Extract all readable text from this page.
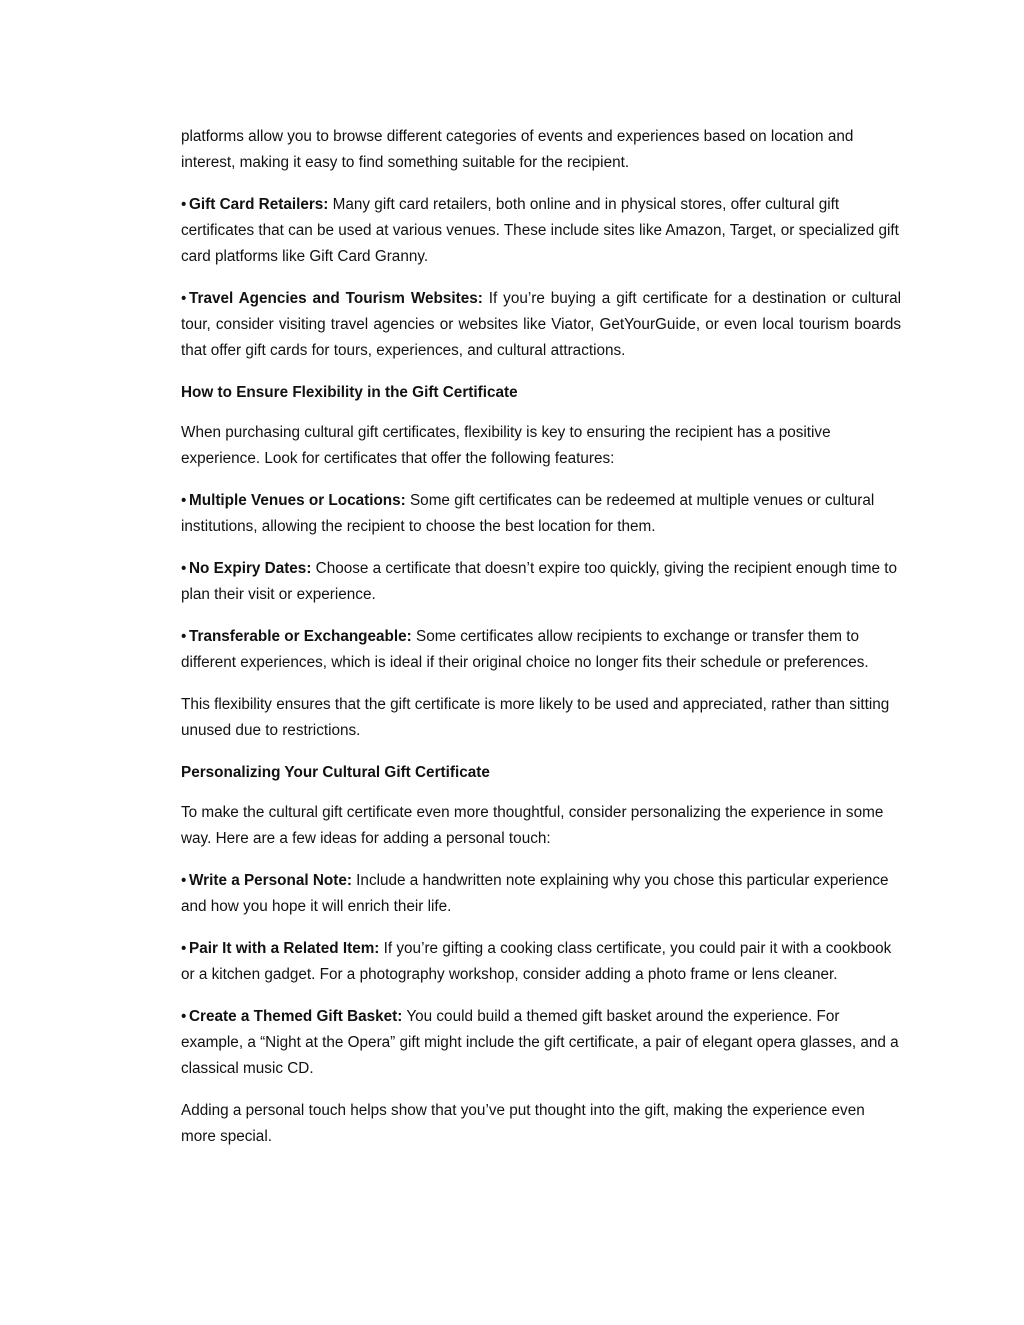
platforms allow you to browse different categories of events and experiences based on location and interest, making it easy to find something suitable for the recipient.

• Gift Card Retailers: Many gift card retailers, both online and in physical stores, offer cultural gift certificates that can be used at various venues. These include sites like Amazon, Target, or specialized gift card platforms like Gift Card Granny.

• Travel Agencies and Tourism Websites: If you’re buying a gift certificate for a destination or cultural tour, consider visiting travel agencies or websites like Viator, GetYourGuide, or even local tourism boards that offer gift cards for tours, experiences, and cultural attractions.

How to Ensure Flexibility in the Gift Certificate

When purchasing cultural gift certificates, flexibility is key to ensuring the recipient has a positive experience. Look for certificates that offer the following features:

• Multiple Venues or Locations: Some gift certificates can be redeemed at multiple venues or cultural institutions, allowing the recipient to choose the best location for them.

• No Expiry Dates: Choose a certificate that doesn’t expire too quickly, giving the recipient enough time to plan their visit or experience.

• Transferable or Exchangeable: Some certificates allow recipients to exchange or transfer them to different experiences, which is ideal if their original choice no longer fits their schedule or preferences.

This flexibility ensures that the gift certificate is more likely to be used and appreciated, rather than sitting unused due to restrictions.

Personalizing Your Cultural Gift Certificate

To make the cultural gift certificate even more thoughtful, consider personalizing the experience in some way. Here are a few ideas for adding a personal touch:

• Write a Personal Note: Include a handwritten note explaining why you chose this particular experience and how you hope it will enrich their life.

• Pair It with a Related Item: If you’re gifting a cooking class certificate, you could pair it with a cookbook or a kitchen gadget. For a photography workshop, consider adding a photo frame or lens cleaner.

• Create a Themed Gift Basket: You could build a themed gift basket around the experience. For example, a “Night at the Opera” gift might include the gift certificate, a pair of elegant opera glasses, and a classical music CD.

Adding a personal touch helps show that you’ve put thought into the gift, making the experience even more special.
